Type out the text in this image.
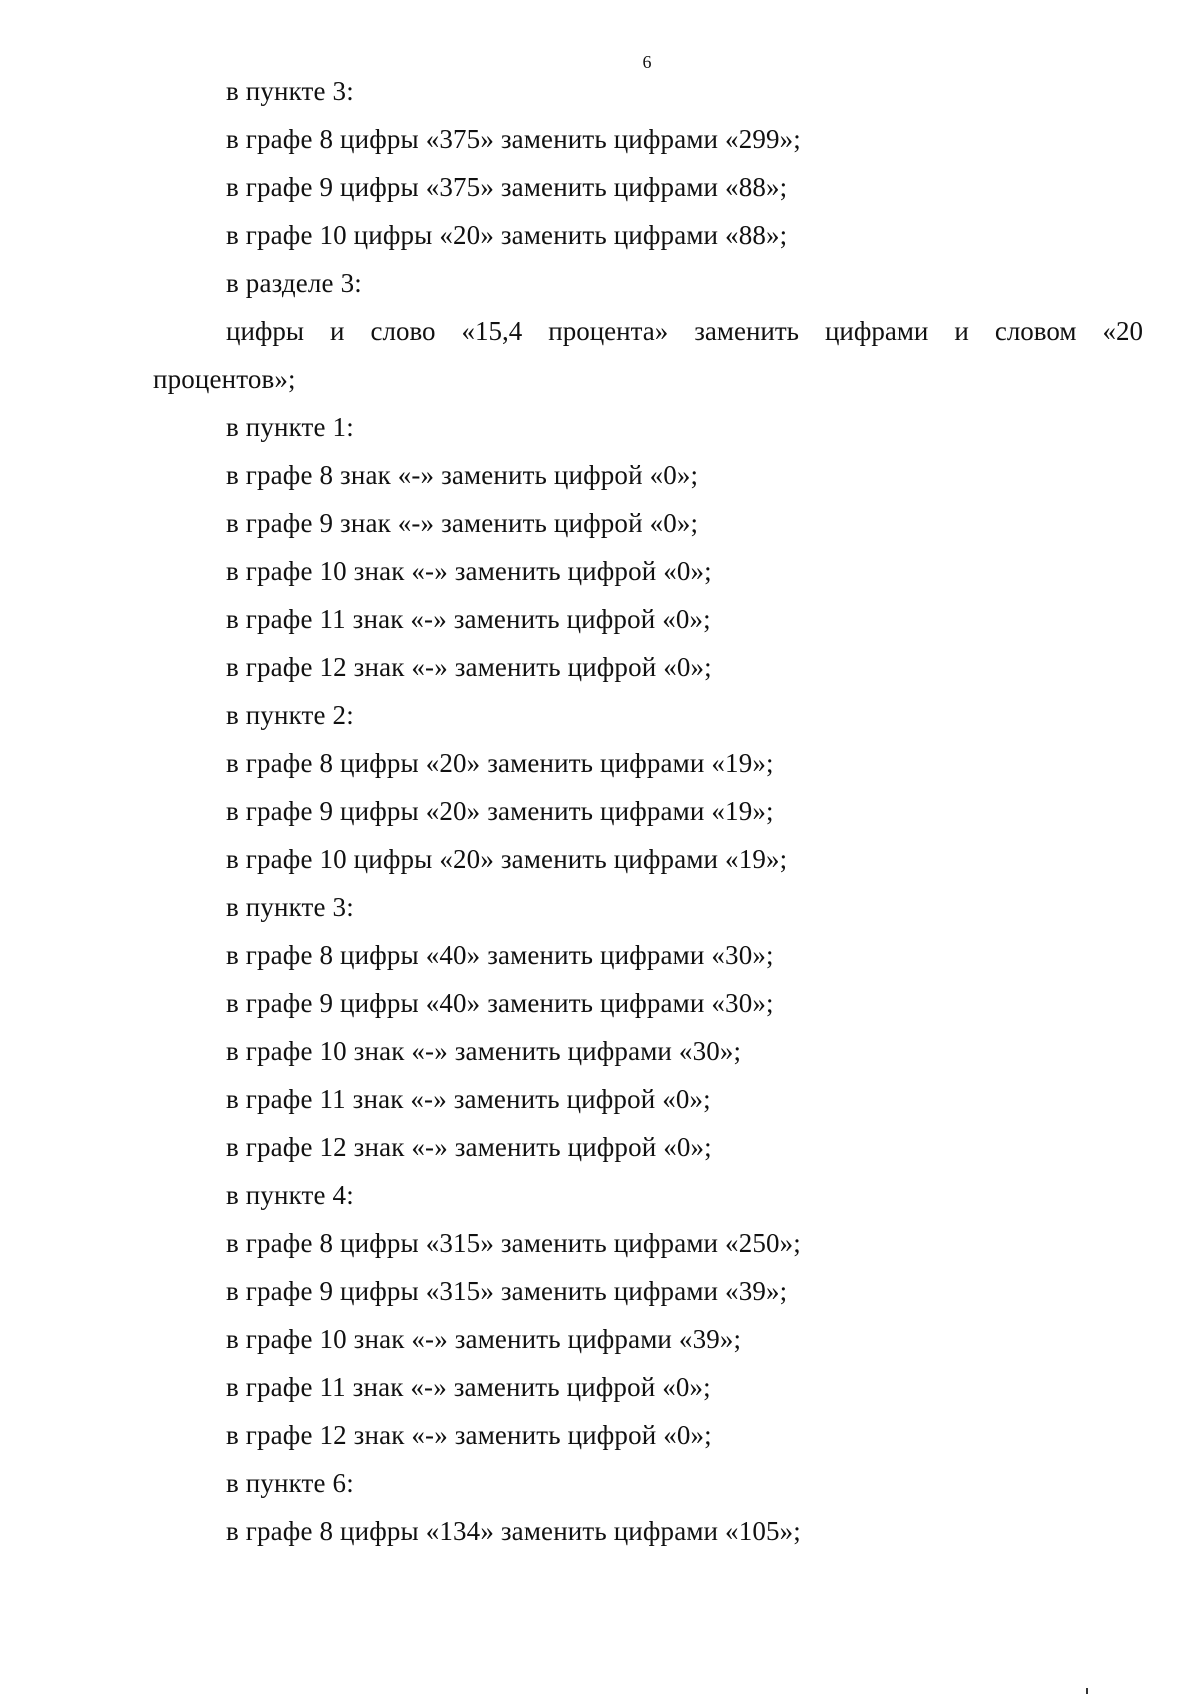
6
в пункте 3:
в графе 8 цифры «375» заменить цифрами «299»;
в графе 9 цифры «375» заменить цифрами «88»;
в графе 10 цифры «20» заменить цифрами «88»;
в разделе 3:
цифры и слово «15,4 процента» заменить цифрами и словом «20
процентов»;
в пункте 1:
в графе 8 знак «-» заменить цифрой «0»;
в графе 9 знак «-» заменить цифрой «0»;
в графе 10 знак «-» заменить цифрой «0»;
в графе 11 знак «-» заменить цифрой «0»;
в графе 12 знак «-» заменить цифрой «0»;
в пункте 2:
в графе 8 цифры «20» заменить цифрами «19»;
в графе 9 цифры «20» заменить цифрами «19»;
в графе 10 цифры «20» заменить цифрами «19»;
в пункте 3:
в графе 8 цифры «40» заменить цифрами «30»;
в графе 9 цифры «40» заменить цифрами «30»;
в графе 10 знак «-» заменить цифрами «30»;
в графе 11 знак «-» заменить цифрой «0»;
в графе 12 знак «-» заменить цифрой «0»;
в пункте 4:
в графе 8 цифры «315» заменить цифрами «250»;
в графе 9 цифры «315» заменить цифрами «39»;
в графе 10 знак «-» заменить цифрами «39»;
в графе 11 знак «-» заменить цифрой «0»;
в графе 12 знак «-» заменить цифрой «0»;
в пункте 6:
в графе 8 цифры «134» заменить цифрами «105»;
